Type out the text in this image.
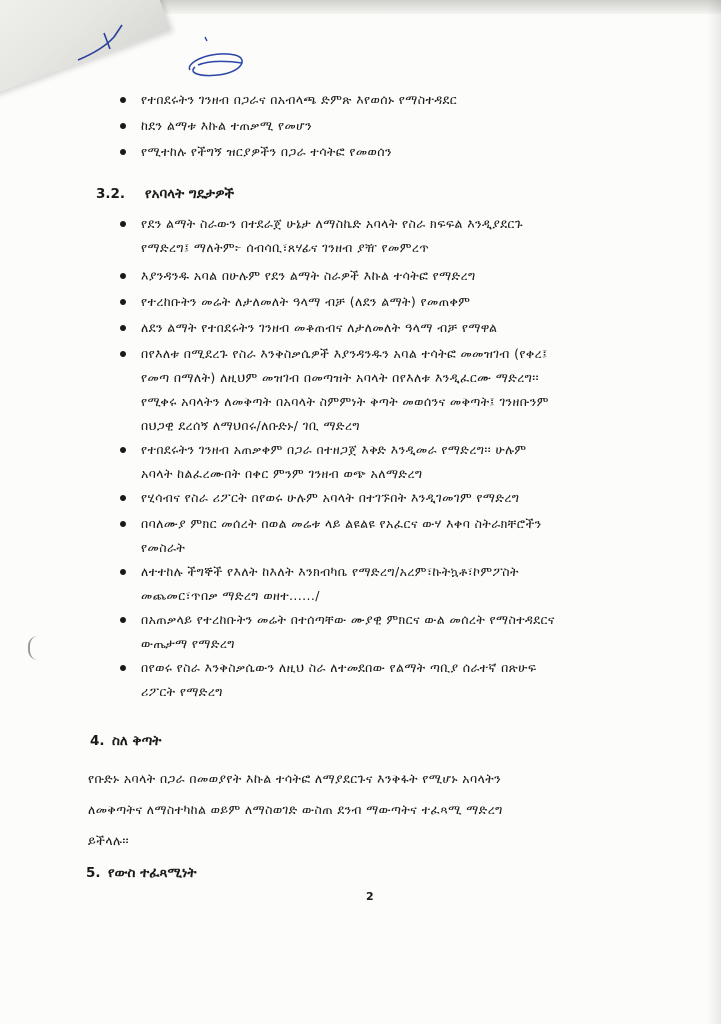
የተበደሩትን ገንዘብ በጋራና በአብላጫ ድምጽ እየወሰኑ የማስተዳደር
ከደን ልማቱ እኩል ተጠቃሚ የመሆን
የሚተከሉ የችግኝ ዝርያዎችን በጋራ ተሳትፎ የመወሰን
3.2. የአባላት ግዴታዎች
የደን ልማት ስራውን በተደራጀ ሁኔታ ለማስኬድ አባላት የስራ ክፍፍል እንዲያደርጉ
የማድረግ፤ ማለትም፦ ሰብሳቢ፣ጸሃፊና ገንዘብ ያዥ የመምረጥ
እያንዳንዱ አባል በሁሉም የደን ልማት ስራዎች እኩል ተሳትፎ የማድረግ
የተረከቡትን መሬት ለታለመለት ዓላማ ብቻ (ለደን ልማት) የመጠቀም
ለደን ልማት የተበደሩትን ገንዘብ መቆጠብና ለታለመለት ዓላማ ብቻ የማዋል
በየእለቱ በሚደረጉ የስራ እንቅስቃሴዎች እያንዳንዱን አባል ተሳትፎ መመዝገብ (የቀረ፤
የመጣ በማለት) ለዚህም መዝገብ በመጣዝት አባላት በየእለቱ እንዲፈርሙ ማድረግ፡፡
የሚቀሩ አባላትን ለመቅጣት በአባላት ስምምነት ቅጣት መወሰንና መቅጣት፤ ገንዘቡንም
በህጋዊ ደረሰኝ ለማህበሩ/ለቡድኑ/ ገቢ ማድረግ
የተበደሩትን ገንዘብ አጠቃቀም በጋራ በተዘጋጀ እቅድ እንዲመራ የማድረግ፡፡ ሁሉም
አባላት ከልፈረሙበት በቀር ምንም ገንዘብ ወጭ አለማድረግ
የሂሳብና የስራ ሪፖርት በየወሩ ሁሉም አባላት በተገኙበት እንዲገመገም የማድረግ
በባለሙያ ምክር መሰረት በወል መሬቱ ላይ ልዩልዩ የአፈርና ውሃ እቀባ ስትራክቸሮችን
የመስራት
ለተተከሉ ችግኞች የእለት ከእለት እንክብካቤ የማድረግ/አረም፣ኩትኳቶ፣ኮምፖስት
መጨመር፣ጥበቃ ማድረግ ወዘተ....../
በአጠቃላይ የተረከቡትን መሬት በተሰጣቸው ሙያዊ ምክርና ውል መሰረት የማስተዳደርና
ውጤታማ የማድረግ
በየወሩ የስራ እንቅስቃሴውን ለዚህ ስራ ለተመደበው የልማት ጣቢያ ሰራተኛ በጽሁፍ
ሪፖርት የማድረግ
4. ስለ ቅጣት
የቡድኑ አባላት በጋራ በመወያየት እኩል ተሳትፎ ለማያደርጉና እንቅፋት የሚሆኑ አባላትን
ለመቅጣትና ለማስተካከል ወይም ለማስወገድ ውስጠ ደንብ ማውጣትና ተፈጻሚ ማድረግ
ይችላሉ፡፡
5. የውስ ተፈጻሚነት
2
